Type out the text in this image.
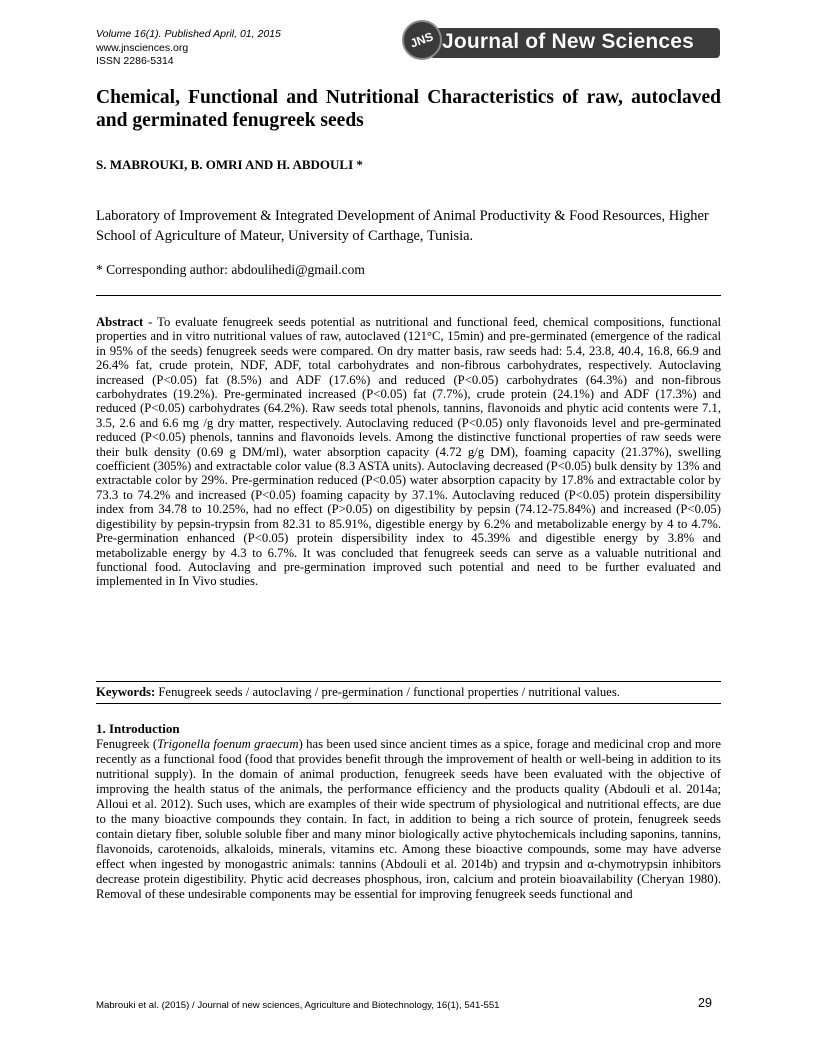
Volume 16(1). Published April, 01, 2015
www.jnsciences.org
ISSN 2286-5314
JNS Journal of New Sciences
Chemical, Functional and Nutritional Characteristics of raw, autoclaved and germinated fenugreek seeds
S. MABROUKI, B. OMRI AND H. ABDOULI *
Laboratory of Improvement & Integrated Development of Animal Productivity & Food Resources, Higher School of Agriculture of Mateur, University of Carthage, Tunisia.
* Corresponding author: abdoulihedi@gmail.com

Abstract - To evaluate fenugreek seeds potential as nutritional and functional feed, chemical compositions, functional properties and in vitro nutritional values of raw, autoclaved (121°C, 15min) and pre-germinated (emergence of the radical in 95% of the seeds) fenugreek seeds were compared. On dry matter basis, raw seeds had: 5.4, 23.8, 40.4, 16.8, 66.9 and 26.4% fat, crude protein, NDF, ADF, total carbohydrates and non-fibrous carbohydrates, respectively. Autoclaving increased (P<0.05) fat (8.5%) and ADF (17.6%) and reduced (P<0.05) carbohydrates (64.3%) and non-fibrous carbohydrates (19.2%). Pre-germinated increased (P<0.05) fat (7.7%), crude protein (24.1%) and ADF (17.3%) and reduced (P<0.05) carbohydrates (64.2%). Raw seeds total phenols, tannins, flavonoids and phytic acid contents were 7.1, 3.5, 2.6 and 6.6 mg /g dry matter, respectively. Autoclaving reduced (P<0.05) only flavonoids level and pre-germinated reduced (P<0.05) phenols, tannins and flavonoids levels. Among the distinctive functional properties of raw seeds were their bulk density (0.69 g DM/ml), water absorption capacity (4.72 g/g DM), foaming capacity (21.37%), swelling coefficient (305%) and extractable color value (8.3 ASTA units). Autoclaving decreased (P<0.05) bulk density by 13% and extractable color by 29%. Pre-germination reduced (P<0.05) water absorption capacity by 17.8% and extractable color by 73.3 to 74.2% and increased (P<0.05) foaming capacity by 37.1%. Autoclaving reduced (P<0.05) protein dispersibility index from 34.78 to 10.25%, had no effect (P>0.05) on digestibility by pepsin (74.12-75.84%) and increased (P<0.05) digestibility by pepsin-trypsin from 82.31 to 85.91%, digestible energy by 6.2% and metabolizable energy by 4 to 4.7%. Pre-germination enhanced (P<0.05) protein dispersibility index to 45.39% and digestible energy by 3.8% and metabolizable energy by 4.3 to 6.7%. It was concluded that fenugreek seeds can serve as a valuable nutritional and functional food. Autoclaving and pre-germination improved such potential and need to be further evaluated and implemented in In Vivo studies.

Keywords: Fenugreek seeds / autoclaving / pre-germination / functional properties / nutritional values.
1. Introduction

Fenugreek (Trigonella foenum graecum) has been used since ancient times as a spice, forage and medicinal crop and more recently as a functional food (food that provides benefit through the improvement of health or well-being in addition to its nutritional supply). In the domain of animal production, fenugreek seeds have been evaluated with the objective of improving the health status of the animals, the performance efficiency and the products quality (Abdouli et al. 2014a; Alloui et al. 2012). Such uses, which are examples of their wide spectrum of physiological and nutritional effects, are due to the many bioactive compounds they contain. In fact, in addition to being a rich source of protein, fenugreek seeds contain dietary fiber, soluble soluble fiber and many minor biologically active phytochemicals including saponins, tannins, flavonoids, carotenoids, alkaloids, minerals, vitamins etc. Among these bioactive compounds, some may have adverse effect when ingested by monogastric animals: tannins (Abdouli et al. 2014b) and trypsin and α-chymotrypsin inhibitors decrease protein digestibility. Phytic acid decreases phosphous, iron, calcium and protein bioavailability (Cheryan 1980). Removal of these undesirable components may be essential for improving fenugreek seeds functional and

Mabrouki et al. (2015) / Journal of new sciences, Agriculture and Biotechnology, 16(1), 541-551	29
